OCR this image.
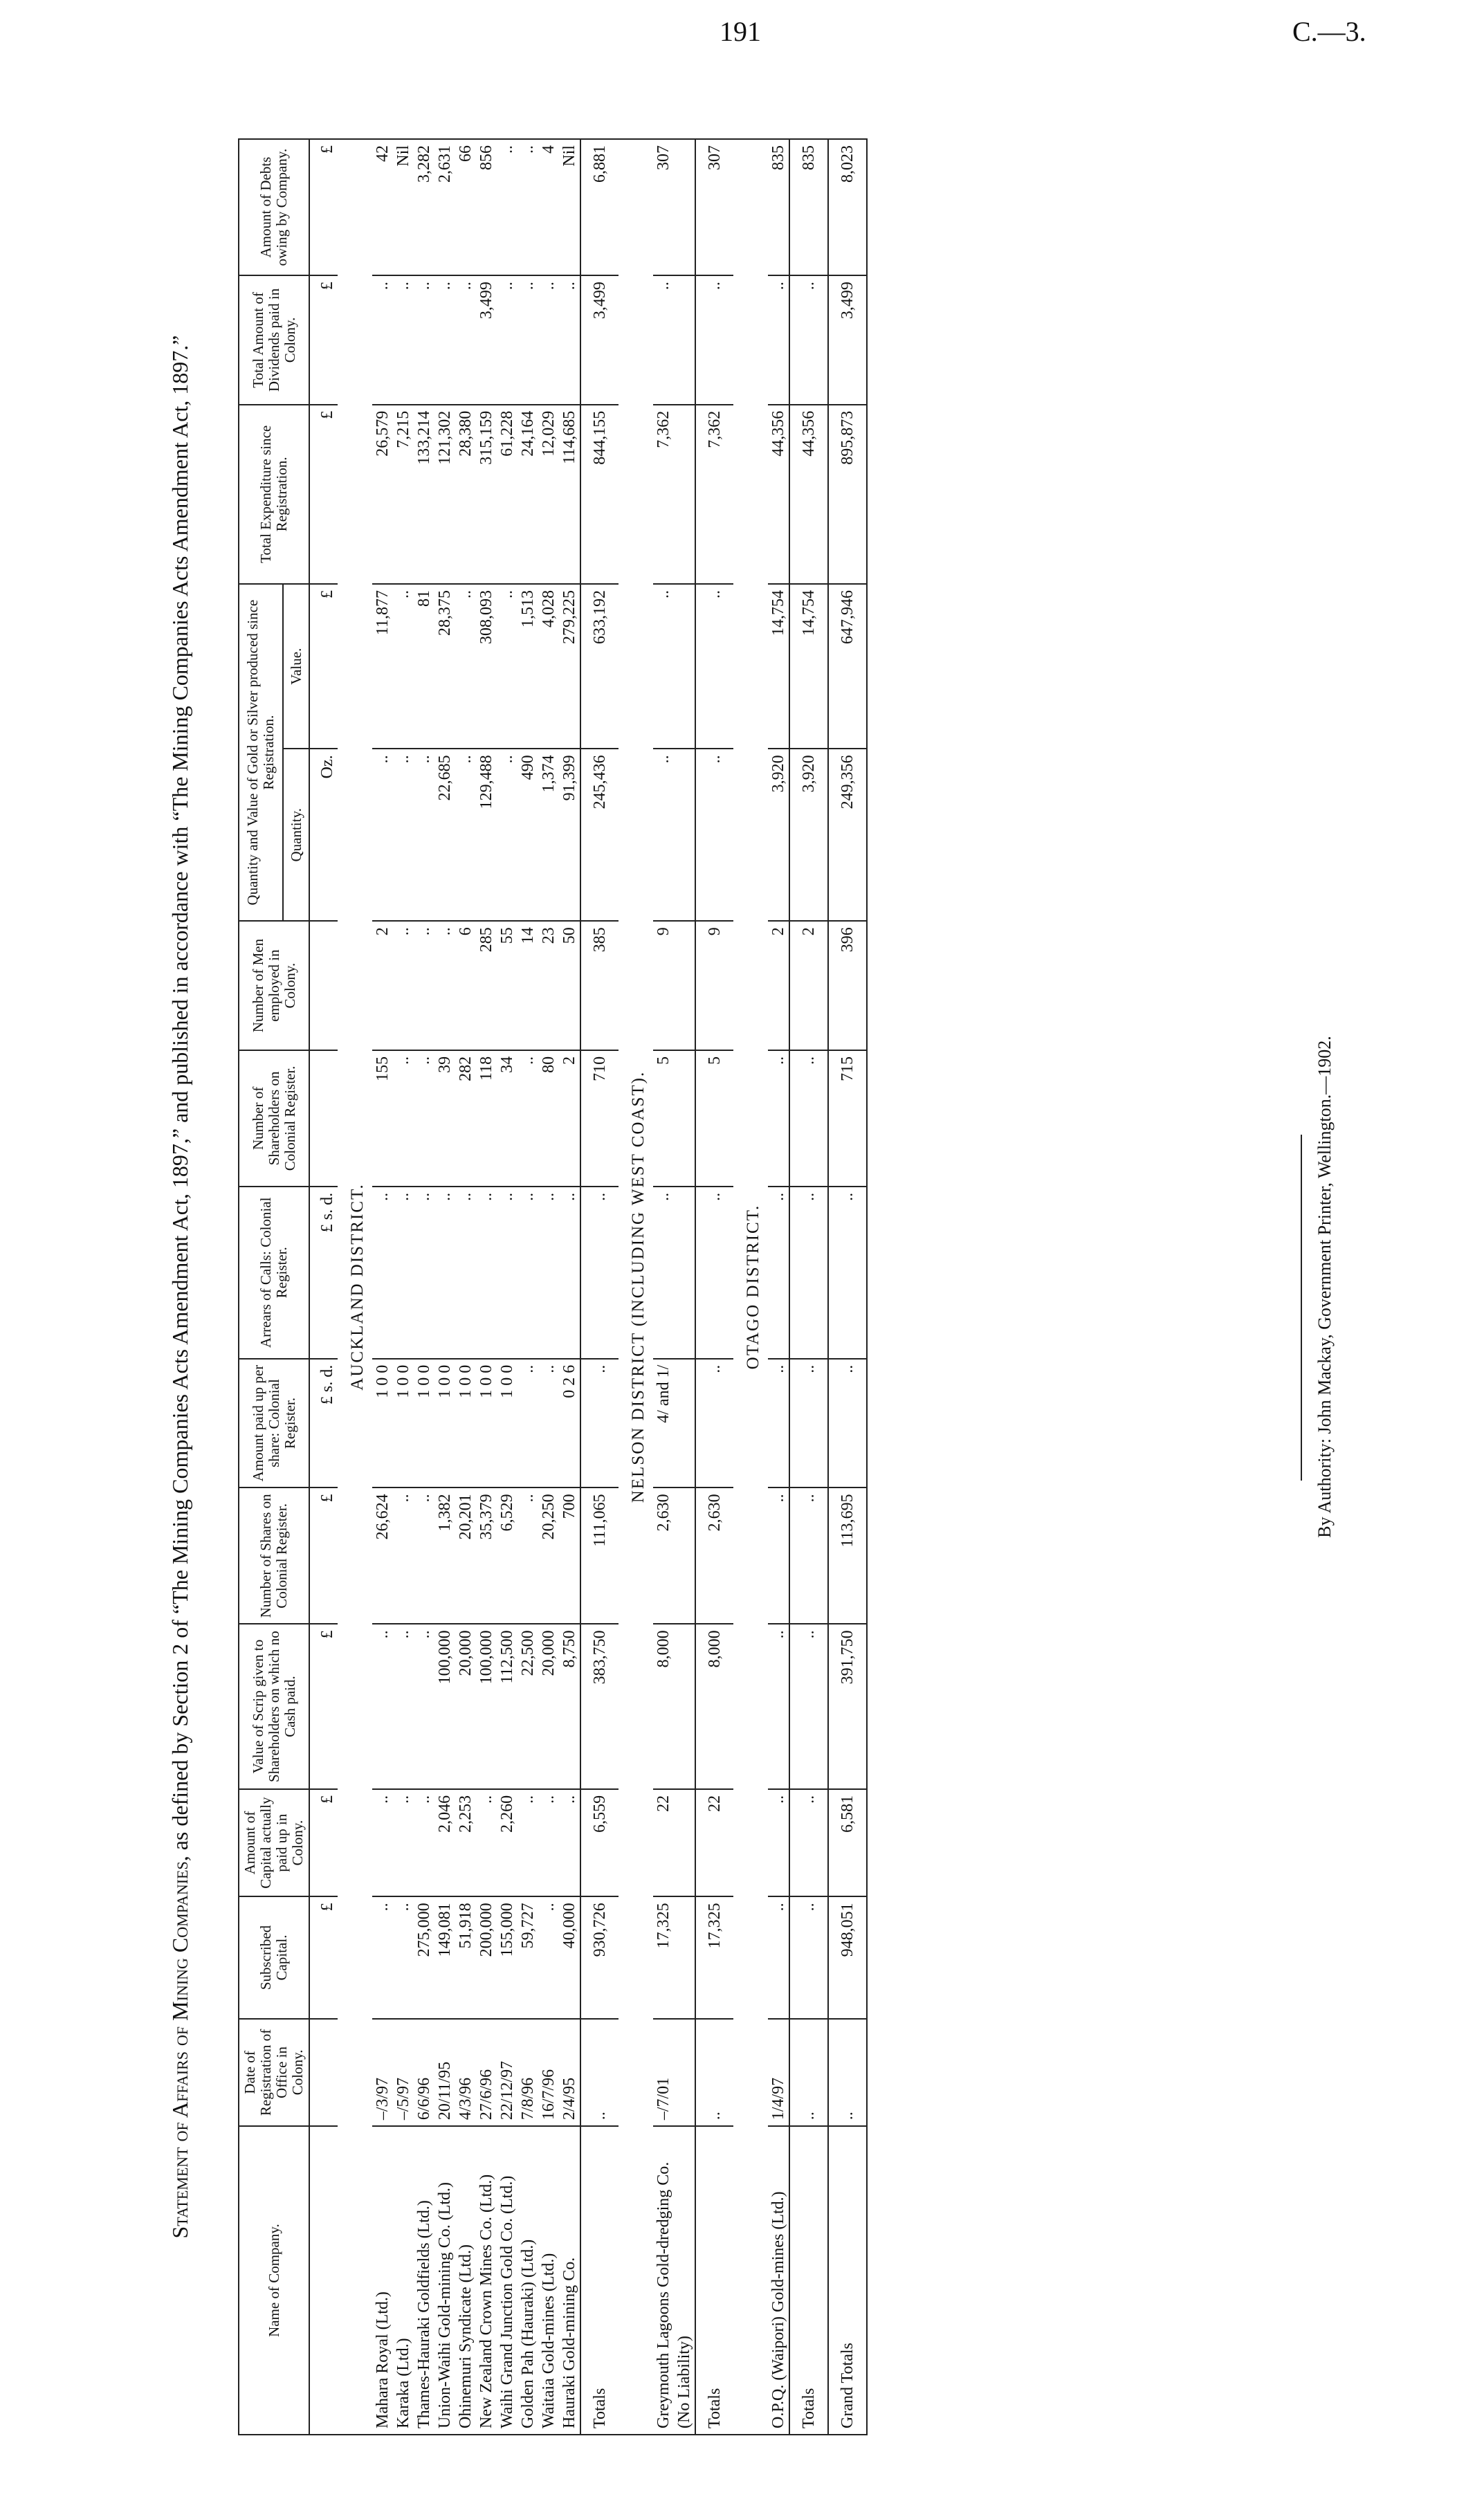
191	C.—3.
Statement of Affairs of Mining Companies, as defined by Section 2 of “The Mining Companies Acts Amendment Act, 1897,” and published in accordance with “The Mining Companies Acts Amendment Act, 1897.”
Name of Company.	Date of Registration of Office in Colony.	Subscribed Capital.	Amount of Capital actually paid up in Colony.	Value of Scrip given to Shareholders on which no Cash paid.	Number of Shares on Colonial Register.	Amount paid up per share: Colonial Register.	Arrears of Calls: Colonial Register.	Number of Shareholders on Colonial Register.	Number of Men employed in Colony.	Quantity and Value of Gold or Silver produced since Registration.		Total Expenditure since Registration.	Total Amount of Dividends paid in Colony.	Amount of Debts owing by Company.
										Quantity.	Value.			
		£	£	£	£	£ s. d.	£ s. d.			Oz.	£	£	£	£
AUCKLAND DISTRICT.														
Mahara Royal (Ltd.)	–/3/97	..	..	..	26,624	1 0 0	..	155	2	..	11,877	26,579	..	42
Karaka (Ltd.)	–/5/97	..	..	..	..	1 0 0	..	..	..	..	..	7,215	..	Nil
Thames-Hauraki Goldfields (Ltd.)	6/6/96	275,000	..	..	..	1 0 0	..	..	..	..	81	133,214	..	3,282
Union-Waihi Gold-mining Co. (Ltd.)	20/11/95	149,081	2,046	100,000	1,382	1 0 0	..	39	..	22,685	28,375	121,302	..	2,631
Ohinemuri Syndicate (Ltd.)	4/3/96	51,918	2,253	20,000	20,201	1 0 0	..	282	6	..	..	28,380	..	66
New Zealand Crown Mines Co. (Ltd.)	27/6/96	200,000	..	100,000	35,379	1 0 0	..	118	285	129,488	308,093	315,159	3,499	856
Waihi Grand Junction Gold Co. (Ltd.)	22/12/97	155,000	2,260	112,500	6,529	1 0 0	..	34	55	..	..	61,228	..	..
Golden Pah (Hauraki) (Ltd.)	7/8/96	59,727	..	22,500	..	..	..	..	14	490	1,513	24,164	..	..
Waitaia Gold-mines (Ltd.)	16/7/96	..	..	20,000	20,250	..	..	80	23	1,374	4,028	12,029	..	4
Hauraki Gold-mining Co.	2/4/95	40,000	..	8,750	700	0 2 6	..	2	50	91,399	279,225	114,685	..	Nil
Totals	..	930,726	6,559	383,750	111,065	..	..	710	385	245,436	633,192	844,155	3,499	6,881
NELSON DISTRICT (INCLUDING WEST COAST).														
Greymouth Lagoons Gold-dredging Co. (No Liability)	–/7/01	17,325	22	8,000	2,630	4/ and 1/	..	5	9	..	..	7,362	..	307
Totals	..	17,325	22	8,000	2,630	..	..	5	9	..	..	7,362	..	307
OTAGO DISTRICT.														
O.P.Q. (Waipori) Gold-mines (Ltd.)	1/4/97	..	..	..	..	..	..	..	2	3,920	14,754	44,356	..	835
Totals	..	..	..	..	..	..	..	..	2	3,920	14,754	44,356	..	835
Grand Totals	..	948,051	6,581	391,750	113,695	..	..	715	396	249,356	647,946	895,873	3,499	8,023
By Authority: John Mackay, Government Printer, Wellington.—1902.
